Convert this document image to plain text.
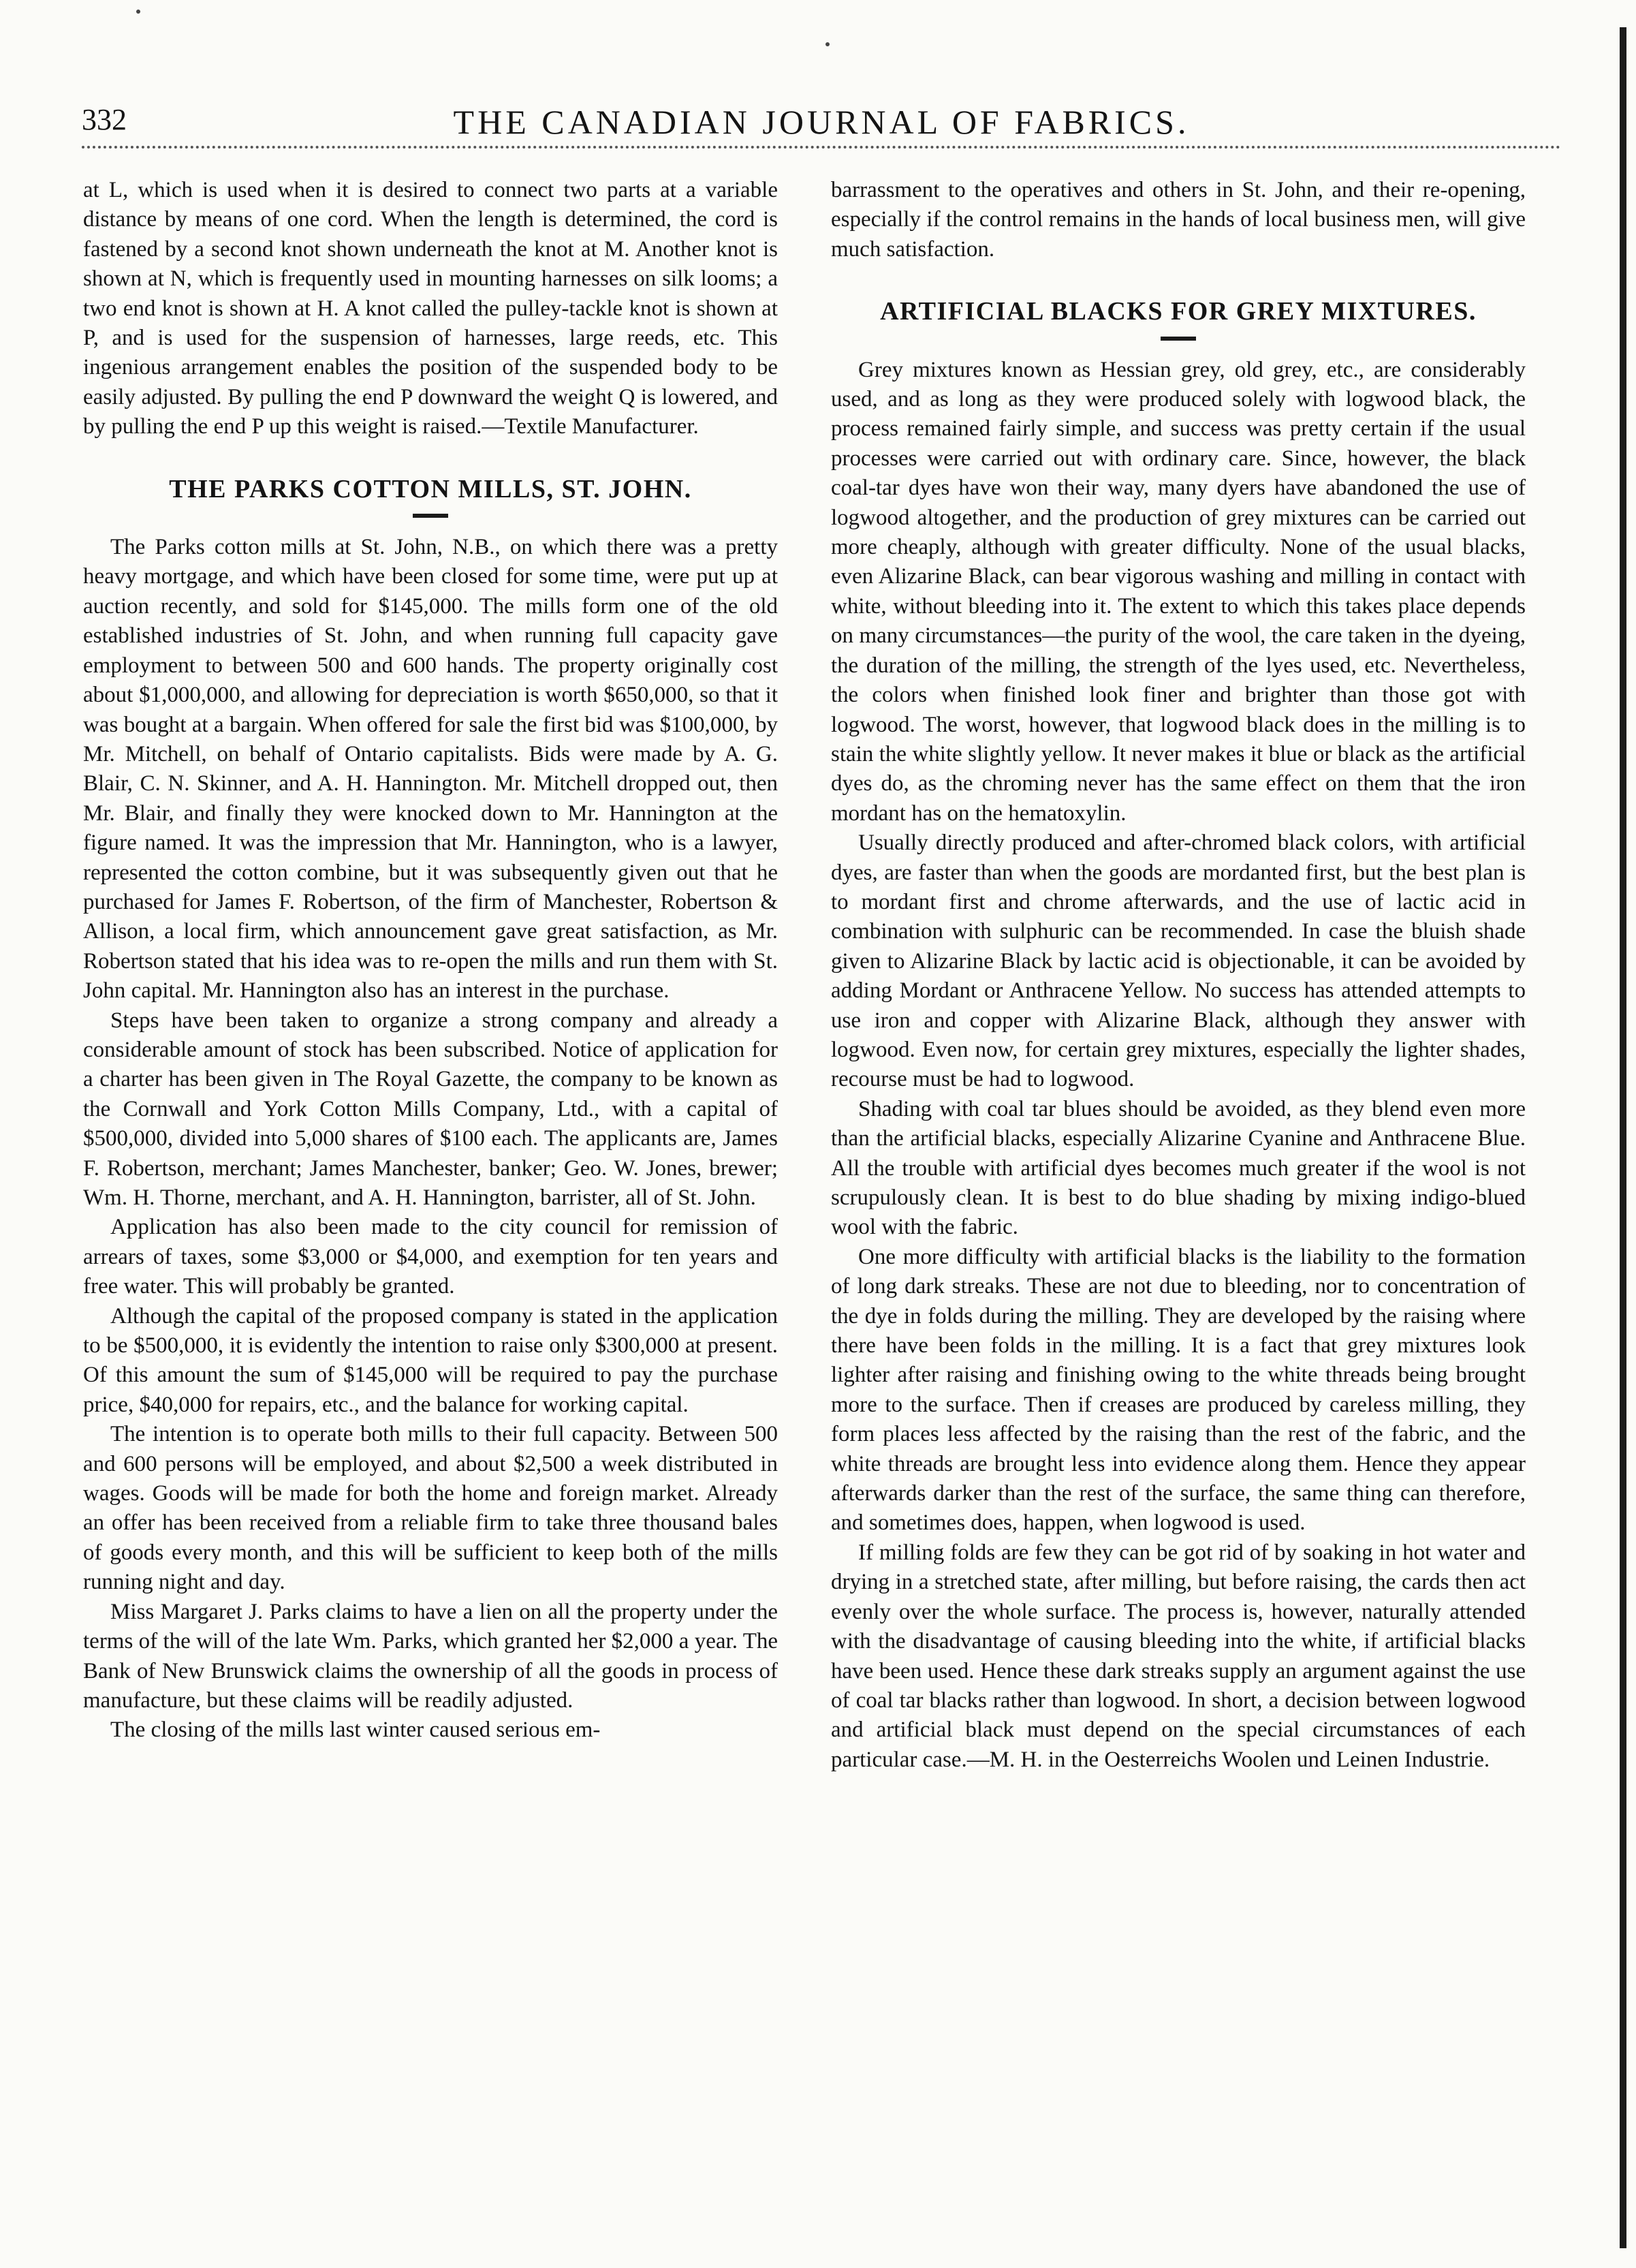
332	THE CANADIAN JOURNAL OF FABRICS.

at L, which is used when it is desired to connect two parts at a variable distance by means of one cord. When the length is determined, the cord is fastened by a second knot shown underneath the knot at M. Another knot is shown at N, which is frequently used in mounting harnesses on silk looms; a two end knot is shown at H. A knot called the pulley-tackle knot is shown at P, and is used for the suspension of harnesses, large reeds, etc. This ingenious arrangement enables the position of the suspended body to be easily adjusted. By pulling the end P downward the weight Q is lowered, and by pulling the end P up this weight is raised.—Textile Manufacturer.

THE PARKS COTTON MILLS, ST. JOHN.

The Parks cotton mills at St. John, N.B., on which there was a pretty heavy mortgage, and which have been closed for some time, were put up at auction recently, and sold for $145,000. The mills form one of the old established industries of St. John, and when running full capacity gave employment to between 500 and 600 hands. The property originally cost about $1,000,000, and allowing for depreciation is worth $650,000, so that it was bought at a bargain. When offered for sale the first bid was $100,000, by Mr. Mitchell, on behalf of Ontario capitalists. Bids were made by A. G. Blair, C. N. Skinner, and A. H. Hannington. Mr. Mitchell dropped out, then Mr. Blair, and finally they were knocked down to Mr. Hannington at the figure named. It was the impression that Mr. Hannington, who is a lawyer, represented the cotton combine, but it was subsequently given out that he purchased for James F. Robertson, of the firm of Manchester, Robertson & Allison, a local firm, which announcement gave great satisfaction, as Mr. Robertson stated that his idea was to re-open the mills and run them with St. John capital. Mr. Hannington also has an interest in the purchase.

Steps have been taken to organize a strong company and already a considerable amount of stock has been subscribed. Notice of application for a charter has been given in The Royal Gazette, the company to be known as the Cornwall and York Cotton Mills Company, Ltd., with a capital of $500,000, divided into 5,000 shares of $100 each. The applicants are, James F. Robertson, merchant; James Manchester, banker; Geo. W. Jones, brewer; Wm. H. Thorne, merchant, and A. H. Hannington, barrister, all of St. John.

Application has also been made to the city council for remission of arrears of taxes, some $3,000 or $4,000, and exemption for ten years and free water. This will probably be granted.

Although the capital of the proposed company is stated in the application to be $500,000, it is evidently the intention to raise only $300,000 at present. Of this amount the sum of $145,000 will be required to pay the purchase price, $40,000 for repairs, etc., and the balance for working capital.

The intention is to operate both mills to their full capacity. Between 500 and 600 persons will be employed, and about $2,500 a week distributed in wages. Goods will be made for both the home and foreign market. Already an offer has been received from a reliable firm to take three thousand bales of goods every month, and this will be sufficient to keep both of the mills running night and day.

Miss Margaret J. Parks claims to have a lien on all the property under the terms of the will of the late Wm. Parks, which granted her $2,000 a year. The Bank of New Brunswick claims the ownership of all the goods in process of manufacture, but these claims will be readily adjusted.

The closing of the mills last winter caused serious em-

barrassment to the operatives and others in St. John, and their re-opening, especially if the control remains in the hands of local business men, will give much satisfaction.

ARTIFICIAL BLACKS FOR GREY MIXTURES.

Grey mixtures known as Hessian grey, old grey, etc., are considerably used, and as long as they were produced solely with logwood black, the process remained fairly simple, and success was pretty certain if the usual processes were carried out with ordinary care. Since, however, the black coal-tar dyes have won their way, many dyers have abandoned the use of logwood altogether, and the production of grey mixtures can be carried out more cheaply, although with greater difficulty. None of the usual blacks, even Alizarine Black, can bear vigorous washing and milling in contact with white, without bleeding into it. The extent to which this takes place depends on many circumstances—the purity of the wool, the care taken in the dyeing, the duration of the milling, the strength of the lyes used, etc. Nevertheless, the colors when finished look finer and brighter than those got with logwood. The worst, however, that logwood black does in the milling is to stain the white slightly yellow. It never makes it blue or black as the artificial dyes do, as the chroming never has the same effect on them that the iron mordant has on the hematoxylin.

Usually directly produced and after-chromed black colors, with artificial dyes, are faster than when the goods are mordanted first, but the best plan is to mordant first and chrome afterwards, and the use of lactic acid in combination with sulphuric can be recommended. In case the bluish shade given to Alizarine Black by lactic acid is objectionable, it can be avoided by adding Mordant or Anthracene Yellow. No success has attended attempts to use iron and copper with Alizarine Black, although they answer with logwood. Even now, for certain grey mixtures, especially the lighter shades, recourse must be had to logwood.

Shading with coal tar blues should be avoided, as they blend even more than the artificial blacks, especially Alizarine Cyanine and Anthracene Blue. All the trouble with artificial dyes becomes much greater if the wool is not scrupulously clean. It is best to do blue shading by mixing indigo-blued wool with the fabric.

One more difficulty with artificial blacks is the liability to the formation of long dark streaks. These are not due to bleeding, nor to concentration of the dye in folds during the milling. They are developed by the raising where there have been folds in the milling. It is a fact that grey mixtures look lighter after raising and finishing owing to the white threads being brought more to the surface. Then if creases are produced by careless milling, they form places less affected by the raising than the rest of the fabric, and the white threads are brought less into evidence along them. Hence they appear afterwards darker than the rest of the surface, the same thing can therefore, and sometimes does, happen, when logwood is used.

If milling folds are few they can be got rid of by soaking in hot water and drying in a stretched state, after milling, but before raising, the cards then act evenly over the whole surface. The process is, however, naturally attended with the disadvantage of causing bleeding into the white, if artificial blacks have been used. Hence these dark streaks supply an argument against the use of coal tar blacks rather than logwood. In short, a decision between logwood and artificial black must depend on the special circumstances of each particular case.—M. H. in the Oesterreichs Woolen und Leinen Industrie.
